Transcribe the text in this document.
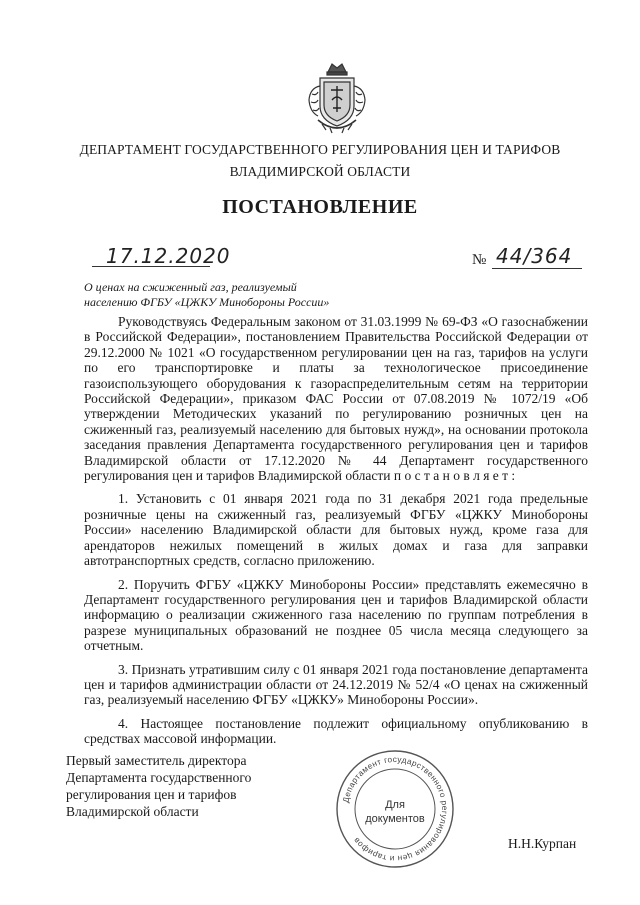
ДЕПАРТАМЕНТ ГОСУДАРСТВЕННОГО РЕГУЛИРОВАНИЯ ЦЕН И ТАРИФОВ
ВЛАДИМИРСКОЙ ОБЛАСТИ
ПОСТАНОВЛЕНИЕ
17.12.2020	№ 44/364
О ценах на сжиженный газ, реализуемый
населению ФГБУ «ЦЖКУ Минобороны России»

Руководствуясь Федеральным законом от 31.03.1999 № 69-ФЗ «О газоснабжении в Российской Федерации», постановлением Правительства Российской Федерации от 29.12.2000 № 1021 «О государственном регулировании цен на газ, тарифов на услуги по его транспортировке и платы за технологическое присоединение газоиспользующего оборудования к газораспределительным сетям на территории Российской Федерации», приказом ФАС России от 07.08.2019 № 1072/19 «Об утверждении Методических указаний по регулированию розничных цен на сжиженный газ, реализуемый населению для бытовых нужд», на основании протокола заседания правления Департамента государственного регулирования цен и тарифов Владимирской области от 17.12.2020 № 44 Департамент государственного регулирования цен и тарифов Владимирской области п о с т а н о в л я е т :

1. Установить с 01 января 2021 года по 31 декабря 2021 года предельные розничные цены на сжиженный газ, реализуемый ФГБУ «ЦЖКУ Минобороны России» населению Владимирской области для бытовых нужд, кроме газа для арендаторов нежилых помещений в жилых домах и газа для заправки автотранспортных средств, согласно приложению.

2. Поручить ФГБУ «ЦЖКУ Минобороны России» представлять ежемесячно в Департамент государственного регулирования цен и тарифов Владимирской области информацию о реализации сжиженного газа населению по группам потребления в разрезе муниципальных образований не позднее 05 числа месяца следующего за отчетным.

3. Признать утратившим силу с 01 января 2021 года постановление департамента цен и тарифов администрации области от 24.12.2019 № 52/4 «О ценах на сжиженный газ, реализуемый населению ФГБУ «ЦЖКУ» Минобороны России».

4. Настоящее постановление подлежит официальному опубликованию в средствах массовой информации.

Первый заместитель директора
Департамента государственного
регулирования цен и тарифов
Владимирской области
Департамент государственного регулирования цен и тарифов
Для
документов
Н.Н.Курпан
